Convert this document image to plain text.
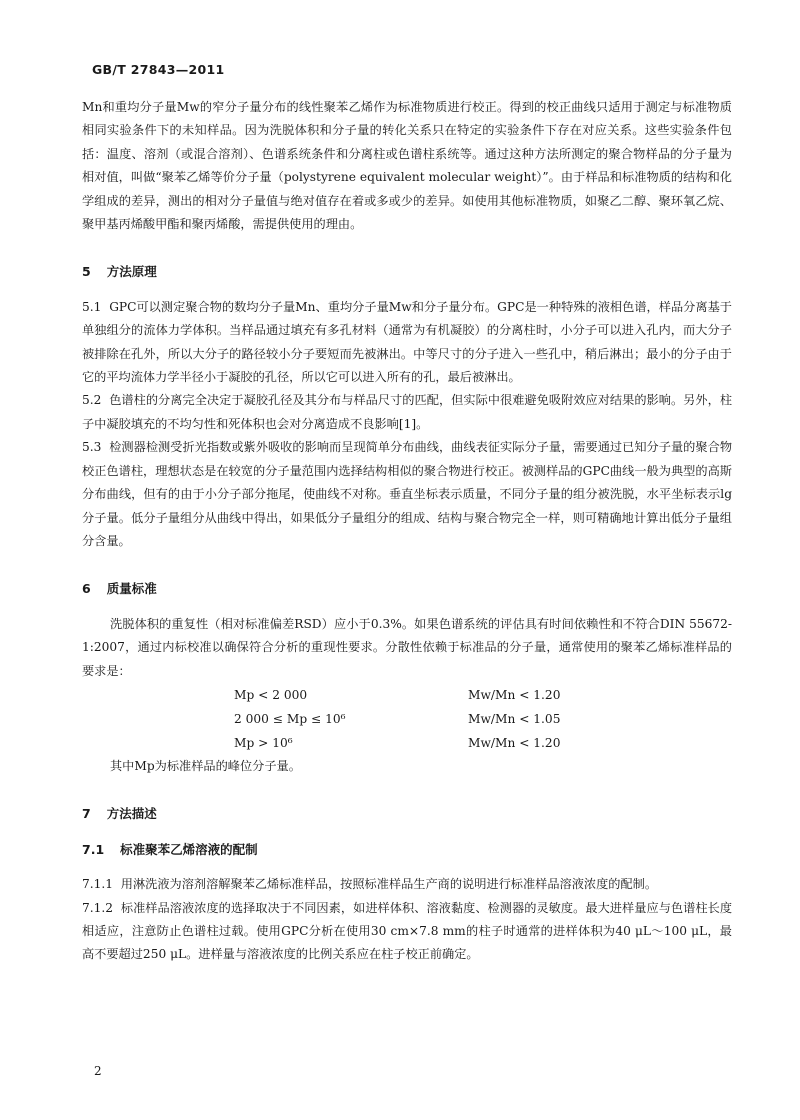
GB/T 27843—2011

Mn和重均分子量Mw的窄分子量分布的线性聚苯乙烯作为标准物质进行校正。得到的校正曲线只适用于测定与标准物质相同实验条件下的未知样品。因为洗脱体积和分子量的转化关系只在特定的实验条件下存在对应关系。这些实验条件包括：温度、溶剂（或混合溶剂）、色谱系统条件和分离柱或色谱柱系统等。通过这种方法所测定的聚合物样品的分子量为相对值，叫做“聚苯乙烯等价分子量（polystyrene equivalent molecular weight）”。由于样品和标准物质的结构和化学组成的差异，测出的相对分子量值与绝对值存在着或多或少的差异。如使用其他标准物质，如聚乙二醇、聚环氧乙烷、聚甲基丙烯酸甲酯和聚丙烯酸，需提供使用的理由。

5 方法原理

5.1 GPC可以测定聚合物的数均分子量Mn、重均分子量Mw和分子量分布。GPC是一种特殊的液相色谱，样品分离基于单独组分的流体力学体积。当样品通过填充有多孔材料（通常为有机凝胶）的分离柱时，小分子可以进入孔内，而大分子被排除在孔外，所以大分子的路径较小分子要短而先被淋出。中等尺寸的分子进入一些孔中，稍后淋出；最小的分子由于它的平均流体力学半径小于凝胶的孔径，所以它可以进入所有的孔，最后被淋出。

5.2 色谱柱的分离完全决定于凝胶孔径及其分布与样品尺寸的匹配，但实际中很难避免吸附效应对结果的影响。另外，柱子中凝胶填充的不均匀性和死体积也会对分离造成不良影响[1]。

5.3 检测器检测受折光指数或紫外吸收的影响而呈现简单分布曲线，曲线表征实际分子量，需要通过已知分子量的聚合物校正色谱柱，理想状态是在较宽的分子量范围内选择结构相似的聚合物进行校正。被测样品的GPC曲线一般为典型的高斯分布曲线，但有的由于小分子部分拖尾，使曲线不对称。垂直坐标表示质量，不同分子量的组分被洗脱，水平坐标表示lg分子量。低分子量组分从曲线中得出，如果低分子量组分的组成、结构与聚合物完全一样，则可精确地计算出低分子量组分含量。

6 质量标准

洗脱体积的重复性（相对标准偏差RSD）应小于0.3%。如果色谱系统的评估具有时间依赖性和不符合DIN 55672-1:2007，通过内标校准以确保符合分析的重现性要求。分散性依赖于标准品的分子量，通常使用的聚苯乙烯标准样品的要求是：

Mp < 2 000	Mw/Mn < 1.20
2 000 ≤ Mp ≤ 10⁶	Mw/Mn < 1.05
Mp > 10⁶	Mw/Mn < 1.20

其中Mp为标准样品的峰位分子量。

7 方法描述

7.1 标准聚苯乙烯溶液的配制

7.1.1 用淋洗液为溶剂溶解聚苯乙烯标准样品，按照标准样品生产商的说明进行标准样品溶液浓度的配制。

7.1.2 标准样品溶液浓度的选择取决于不同因素，如进样体积、溶液黏度、检测器的灵敏度。最大进样量应与色谱柱长度相适应，注意防止色谱柱过载。使用GPC分析在使用30 cm×7.8 mm的柱子时通常的进样体积为40 μL～100 μL，最高不要超过250 μL。进样量与溶液浓度的比例关系应在柱子校正前确定。

2
